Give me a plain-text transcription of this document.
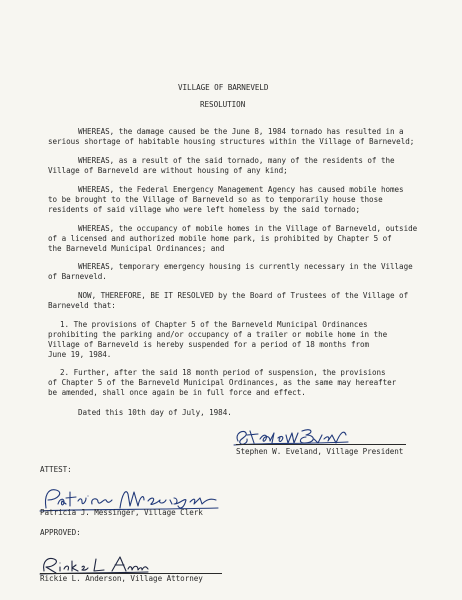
VILLAGE OF BARNEVELD
RESOLUTION
WHEREAS, the damage caused be the June 8, 1984 tornado has resulted in a
serious shortage of habitable housing structures within the Village of Barneveld;
WHEREAS, as a result of the said tornado, many of the residents of the
Village of Barneveld are without housing of any kind;
WHEREAS, the Federal Emergency Management Agency has caused mobile homes
to be brought to the Village of Barneveld so as to temporarily house those
residents of said village who were left homeless by the said tornado;
WHEREAS, the occupancy of mobile homes in the Village of Barneveld, outside
of a licensed and authorized mobile home park, is prohibited by Chapter 5 of
the Barneveld Municipal Ordinances; and
WHEREAS, temporary emergency housing is currently necessary in the Village
of Barneveld.
NOW, THEREFORE, BE IT RESOLVED by the Board of Trustees of the Village of
Barneveld that:
1. The provisions of Chapter 5 of the Barneveld Municipal Ordinances
prohibiting the parking and/or occupancy of a trailer or mobile home in the
Village of Barneveld is hereby suspended for a period of 18 months from
June 19, 1984.
2. Further, after the said 18 month period of suspension, the provisions
of Chapter 5 of the Barneveld Municipal Ordinances, as the same may hereafter
be amended, shall once again be in full force and effect.
Dated this 10th day of July, 1984.
Stephen W. Eveland, Village President
ATTEST:
Patricia J. Messinger, Village Clerk
APPROVED:
Rickie L. Anderson, Village Attorney
